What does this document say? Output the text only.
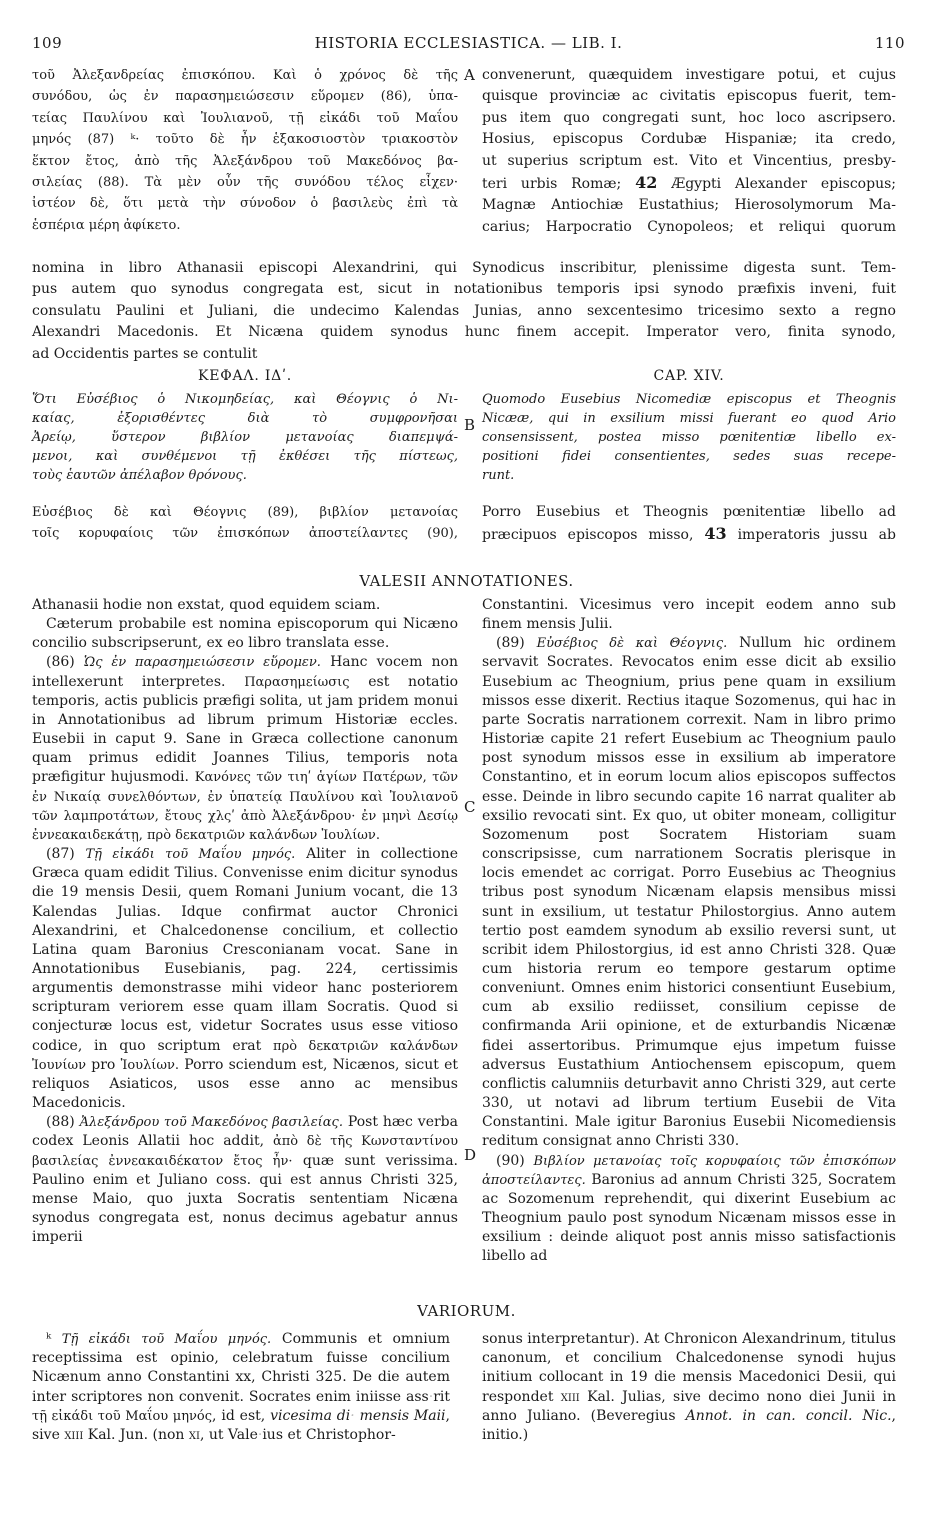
109	HISTORIA ECCLESIASTICA. — LIB. I.	110
τοῦ Ἀλεξανδρείας ἐπισκόπου. Καὶ ὁ χρόνος δὲ τῆς
συνόδου, ὡς ἐν παρασημειώσεσιν εὕρομεν (86), ὑπα-
τείας Παυλίνου καὶ Ἰουλιανοῦ, τῇ εἰκάδι τοῦ Μαΐου
μηνός (87) ᵏ· τοῦτο δὲ ἦν ἑξακοσιοστὸν τριακοστὸν
ἕκτον ἔτος, ἀπὸ τῆς Ἀλεξάνδρου τοῦ Μακεδόνος βα-
σιλείας (88). Τὰ μὲν οὖν τῆς συνόδου τέλος εἶχεν·
ἰστέον δὲ, ὅτι μετὰ τὴν σύνοδον ὁ βασιλεὺς ἐπὶ τὰ
ἑσπέρια μέρη ἀφίκετο.
A convenerunt, quæquidem investigare potui, et cujus
quisque provinciæ ac civitatis episcopus fuerit, tem-
pus item quo congregati sunt, hoc loco ascripsero.
Hosius, episcopus Cordubæ Hispaniæ; ita credo,
ut superius scriptum est. Vito et Vincentius, presby-
teri urbis Romæ; 42 Ægypti Alexander episcopus;
Magnæ Antiochiæ Eustathius; Hierosolymorum Ma-
carius; Harpocratio Cynopoleos; et reliqui quorum
nomina in libro Athanasii episcopi Alexandrini, qui Synodicus inscribitur, plenissime digesta sunt. Tem-
pus autem quo synodus congregata est, sicut in notationibus temporis ipsi synodo præfixis inveni, fuit
consulatu Paulini et Juliani, die undecimo Kalendas Junias, anno sexcentesimo tricesimo sexto a regno
Alexandri Macedonis. Et Nicæna quidem synodus hunc finem accepit. Imperator vero, finita synodo,
ad Occidentis partes se contulit
ΚΕΦΑΛ. ΙΔʹ.	CAP. XIV.
Ὅτι Εὐσέβιος ὁ Νικομηδείας, καὶ Θέογνις ὁ Νι-
καίας, ἐξορισθέντες διὰ τὸ συμφρονῆσαι
Ἀρείῳ, ὕστερον βιβλίον μετανοίας διαπεμψά-
μενοι, καὶ συνθέμενοι τῇ ἐκθέσει τῆς πίστεως,
τοὺς ἑαυτῶν ἀπέλαβον θρόνους.
B
Quomodo Eusebius Nicomediæ episcopus et Theognis
Nicææ, qui in exsilium missi fuerant eo quod Ario
consensissent, postea misso pœnitentiæ libello ex-
positioni fidei consentientes, sedes suas recepe-
runt.
Εὐσέβιος δὲ καὶ Θέογνις (89), βιβλίον μετανοίας
τοῖς κορυφαίοις τῶν ἐπισκόπων ἀποστείλαντες (90),
Porro Eusebius et Theognis pœnitentiæ libello ad
præcipuos episcopos misso, 43 imperatoris jussu ab
VALESII ANNOTATIONES.

Athanasii hodie non exstat, quod equidem sciam.

Cæterum probabile est nomina episcoporum qui Nicæno concilio subscripserunt, ex eo libro translata esse.

(86) Ὡς ἐν παρασημειώσεσιν εὕρομεν. Hanc vocem non intellexerunt interpretes. Παρασημείωσις est notatio temporis, actis publicis præfigi solita, ut jam pridem monui in Annotationibus ad librum primum Historiæ eccles. Eusebii in caput 9. Sane in Græca collectione canonum quam primus edidit Joannes Tilius, temporis nota præfigitur hujusmodi. Κανόνες τῶν τιηʹ ἁγίων Πατέρων, τῶν ἐν Νικαίᾳ συνελθόντων, ἐν ὑπατείᾳ Παυλίνου καὶ Ἰουλιανοῦ τῶν λαμπροτάτων, ἔτους χλςʹ ἀπὸ Ἀλεξάνδρου· ἐν μηνὶ Δεσίῳ ἐννεακαιδεκάτῃ, πρὸ δεκατριῶν καλάνδων Ἰουλίων.

(87) Τῇ εἰκάδι τοῦ Μαΐου μηνός. Aliter in collectione Græca quam edidit Tilius. Convenisse enim dicitur synodus die 19 mensis Desii, quem Romani Junium vocant, die 13 Kalendas Julias. Idque confirmat auctor Chronici Alexandrini, et Chalcedonense concilium, et collectio Latina quam Baronius Cresconianam vocat. Sane in Annotationibus Eusebianis, pag. 224, certissimis argumentis demonstrasse mihi videor hanc posteriorem scripturam veriorem esse quam illam Socratis. Quod si conjecturæ locus est, videtur Socrates usus esse vitioso codice, in quo scriptum erat πρὸ δεκατριῶν καλάνδων Ἰουνίων pro Ἰουλίων. Porro sciendum est, Nicænos, sicut et reliquos Asiaticos, usos esse anno ac mensibus Macedonicis.

(88) Ἀλεξάνδρου τοῦ Μακεδόνος βασιλείας. Post hæc verba codex Leonis Allatii hoc addit, ἀπὸ δὲ τῆς Κωνσταντίνου βασιλείας ἐννεακαιδέκατον ἔτος ἦν· quæ sunt verissima. Paulino enim et Juliano coss. qui est annus Christi 325, mense Maio, quo juxta Socratis sententiam Nicæna synodus congregata est, nonus decimus agebatur annus imperii

C
D

Constantini. Vicesimus vero incepit eodem anno sub finem mensis Julii.

(89) Εὐσέβιος δὲ καὶ Θέογνις. Nullum hic ordinem servavit Socrates. Revocatos enim esse dicit ab exsilio Eusebium ac Theognium, prius pene quam in exsilium missos esse dixerit. Rectius itaque Sozomenus, qui hac in parte Socratis narrationem correxit. Nam in libro primo Historiæ capite 21 refert Eusebium ac Theognium paulo post synodum missos esse in exsilium ab imperatore Constantino, et in eorum locum alios episcopos suffectos esse. Deinde in libro secundo capite 16 narrat qualiter ab exsilio revocati sint. Ex quo, ut obiter moneam, colligitur Sozomenum post Socratem Historiam suam conscripsisse, cum narrationem Socratis plerisque in locis emendet ac corrigat. Porro Eusebius ac Theognius tribus post synodum Nicænam elapsis mensibus missi sunt in exsilium, ut testatur Philostorgius. Anno autem tertio post eamdem synodum ab exsilio reversi sunt, ut scribit idem Philostorgius, id est anno Christi 328. Quæ cum historia rerum eo tempore gestarum optime conveniunt. Omnes enim historici consentiunt Eusebium, cum ab exsilio rediisset, consilium cepisse de confirmanda Arii opinione, et de exturbandis Nicænæ fidei assertoribus. Primumque ejus impetum fuisse adversus Eustathium Antiochensem episcopum, quem conflictis calumniis deturbavit anno Christi 329, aut certe 330, ut notavi ad librum tertium Eusebii de Vita Constantini. Male igitur Baronius Eusebii Nicomediensis reditum consignat anno Christi 330.

(90) Βιβλίον μετανοίας τοῖς κορυφαίοις τῶν ἐπισκόπων ἀποστείλαντες. Baronius ad annum Christi 325, Socratem ac Sozomenum reprehendit, qui dixerint Eusebium ac Theognium paulo post synodum Nicænam missos esse in exsilium : deinde aliquot post annis misso satisfactionis libello ad

VARIORUM.

ᵏ Τῇ εἰκάδι τοῦ Μαΐου μηνός. Communis et omnium receptissima est opinio, celebratum fuisse concilium Nicænum anno Constantini xx, Christi 325. De die autem inter scriptores non convenit. Socrates enim iniisse ass·rit τῇ εἰκάδι τοῦ Μαΐου μηνός, id est, vicesima di· mensis Maii, sive xiii Kal. Jun. (non xi, ut Vale·ius et Christophor-

sonus interpretantur). At Chronicon Alexandrinum, titulus canonum, et concilium Chalcedonense synodi hujus initium collocant in 19 die mensis Macedonici Desii, qui respondet xiii Kal. Julias, sive decimo nono diei Junii in anno Juliano. (Beveregius Annot. in can. concil. Nic., initio.)
